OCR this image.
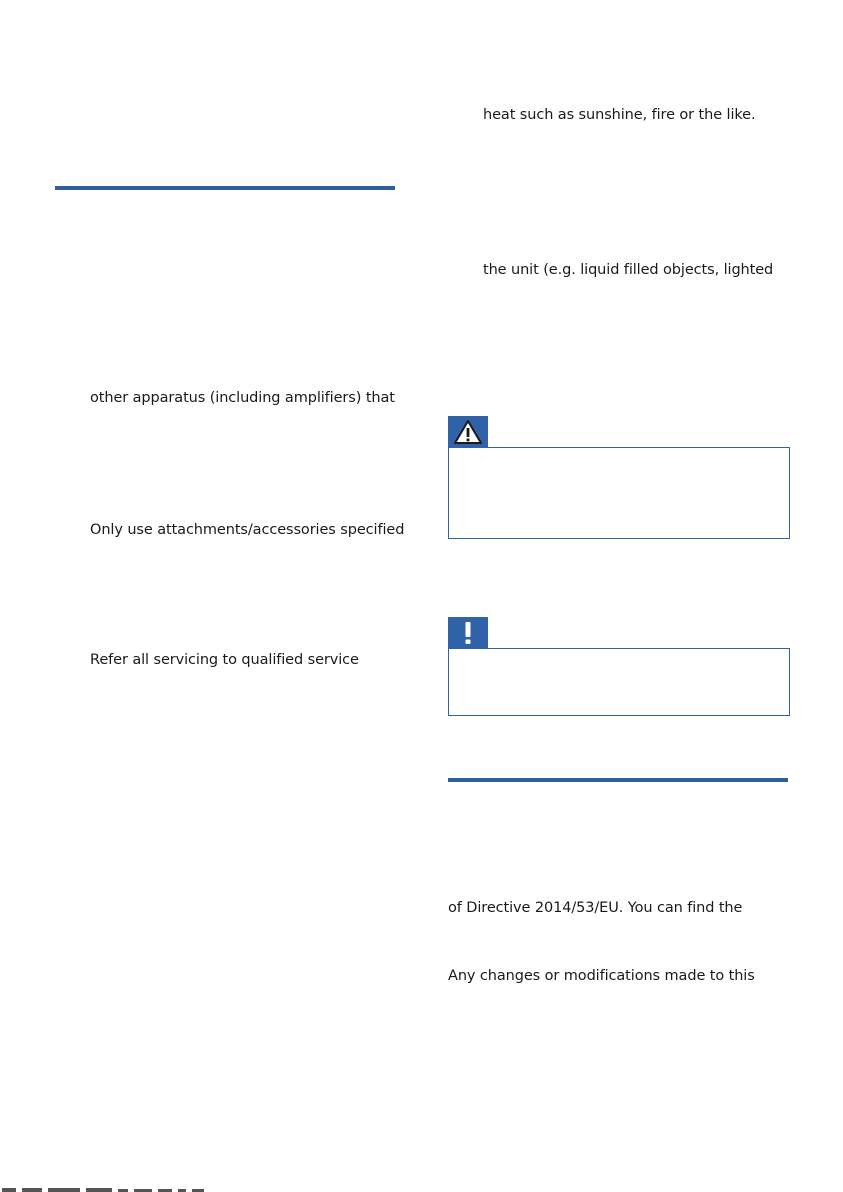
other apparatus (including amplifiers) that
Only use attachments/accessories specified
Refer all servicing to qualified service
heat such as sunshine, fire or the like.
the unit (e.g. liquid filled objects, lighted
of Directive 2014/53/EU. You can find the
Any changes or modifications made to this
